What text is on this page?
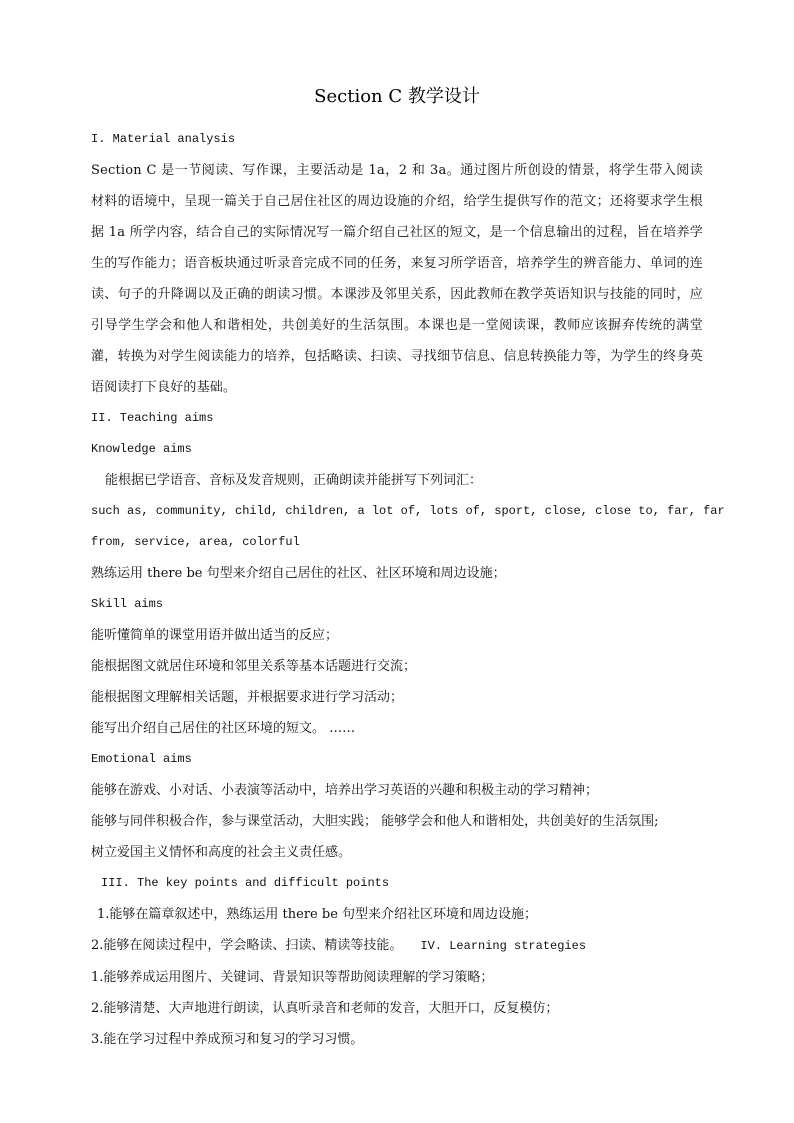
Section C 教学设计

I. Material analysis

Section C 是一节阅读、写作课，主要活动是 1a，2 和 3a。通过图片所创设的情景，将学生带入阅读材料的语境中，呈现一篇关于自己居住社区的周边设施的介绍，给学生提供写作的范文；还将要求学生根据 1a 所学内容，结合自己的实际情况写一篇介绍自己社区的短文，是一个信息输出的过程，旨在培养学生的写作能力；语音板块通过听录音完成不同的任务，来复习所学语音，培养学生的辨音能力、单词的连读、句子的升降调以及正确的朗读习惯。本课涉及邻里关系，因此教师在教学英语知识与技能的同时，应引导学生学会和他人和谐相处，共创美好的生活氛围。本课也是一堂阅读课，教师应该摒弃传统的满堂灌，转换为对学生阅读能力的培养，包括略读、扫读、寻找细节信息、信息转换能力等，为学生的终身英语阅读打下良好的基础。

II. Teaching aims

Knowledge aims

能根据已学语音、音标及发音规则，正确朗读并能拼写下列词汇：

such as, community, child, children, a lot of, lots of, sport, close, close to, far, far

from, service, area, colorful

熟练运用 there be 句型来介绍自己居住的社区、社区环境和周边设施；

Skill aims

能听懂简单的课堂用语并做出适当的反应；

能根据图文就居住环境和邻里关系等基本话题进行交流；

能根据图文理解相关话题，并根据要求进行学习活动；

能写出介绍自己居住的社区环境的短文。 ……

Emotional aims

能够在游戏、小对话、小表演等活动中，培养出学习英语的兴趣和积极主动的学习精神；

能够与同伴积极合作，参与课堂活动，大胆实践； 能够学会和他人和谐相处，共创美好的生活氛围;

树立爱国主义情怀和高度的社会主义责任感。

III. The key points and difficult points

1.能够在篇章叙述中，熟练运用 there be 句型来介绍社区环境和周边设施；

2.能够在阅读过程中，学会略读、扫读、精读等技能。 IV. Learning strategies

1.能够养成运用图片、关键词、背景知识等帮助阅读理解的学习策略；

2.能够清楚、大声地进行朗读，认真听录音和老师的发音，大胆开口，反复模仿；

3.能在学习过程中养成预习和复习的学习习惯。
